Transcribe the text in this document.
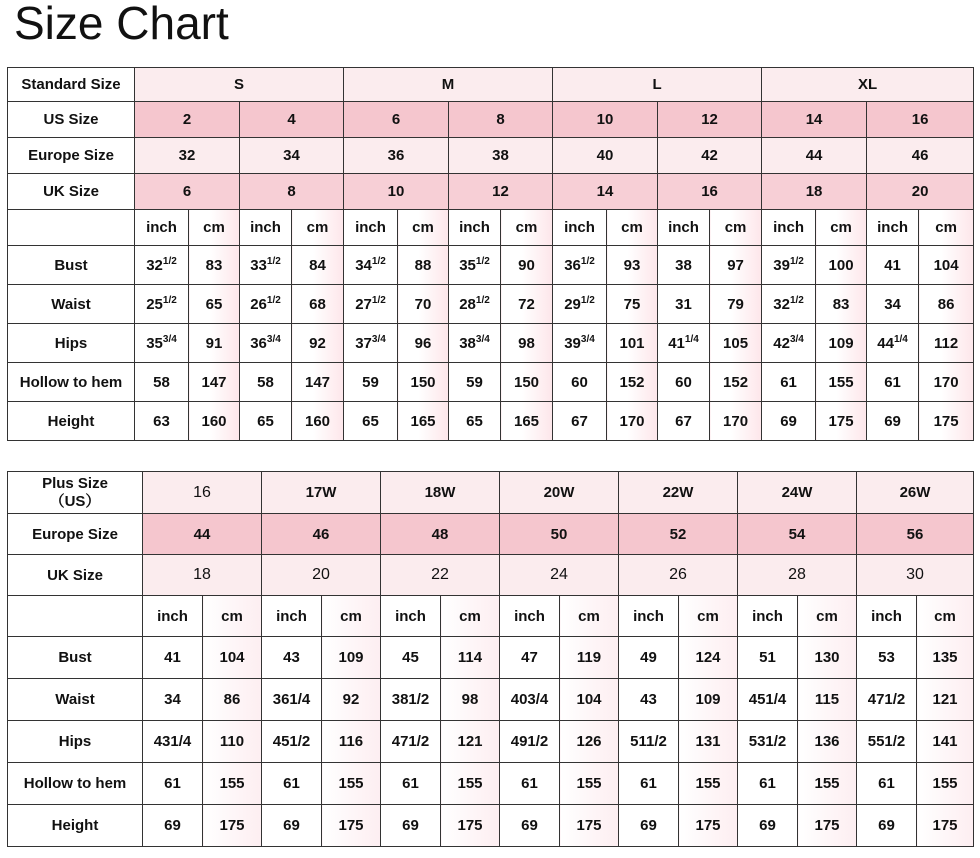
Size Chart
Standard Size	S				M				L				XL			
US Size	2		4		6		8		10		12		14		16	
Europe Size	32		34		36		38		40		42		44		46	
UK Size	6		8		10		12		14		16		18		20	
	inch	cm	inch	cm	inch	cm	inch	cm	inch	cm	inch	cm	inch	cm	inch	cm
Bust	$32^{1/2}$	83	$33^{1/2}$	84	$34^{1/2}$	88	$35^{1/2}$	90	$36^{1/2}$	93	38	97	$39^{1/2}$	100	41	104
Waist	$25^{1/2}$	65	$26^{1/2}$	68	$27^{1/2}$	70	$28^{1/2}$	72	$29^{1/2}$	75	31	79	$32^{1/2}$	83	34	86
Hips	$35^{3/4}$	91	$36^{3/4}$	92	$37^{3/4}$	96	$38^{3/4}$	98	$39^{3/4}$	101	$41^{1/4}$	105	$42^{3/4}$	109	$44^{1/4}$	112
Hollow to hem	58	147	58	147	59	150	59	150	60	152	60	152	61	155	61	170
Height	63	160	65	160	65	165	65	165	67	170	67	170	69	175	69	175
Plus Size
（US）	16		17W		18W		20W		22W		24W		26W	
Europe Size	44		46		48		50		52		54		56	
UK Size	18		20		22		24		26		28		30	
	inch	cm	inch	cm	inch	cm	inch	cm	inch	cm	inch	cm	inch	cm
Bust	41	104	43	109	45	114	47	119	49	124	51	130	53	135
Waist	34	86	361/4	92	381/2	98	403/4	104	43	109	451/4	115	471/2	121
Hips	431/4	110	451/2	116	471/2	121	491/2	126	511/2	131	531/2	136	551/2	141
Hollow to hem	61	155	61	155	61	155	61	155	61	155	61	155	61	155
Height	69	175	69	175	69	175	69	175	69	175	69	175	69	175
